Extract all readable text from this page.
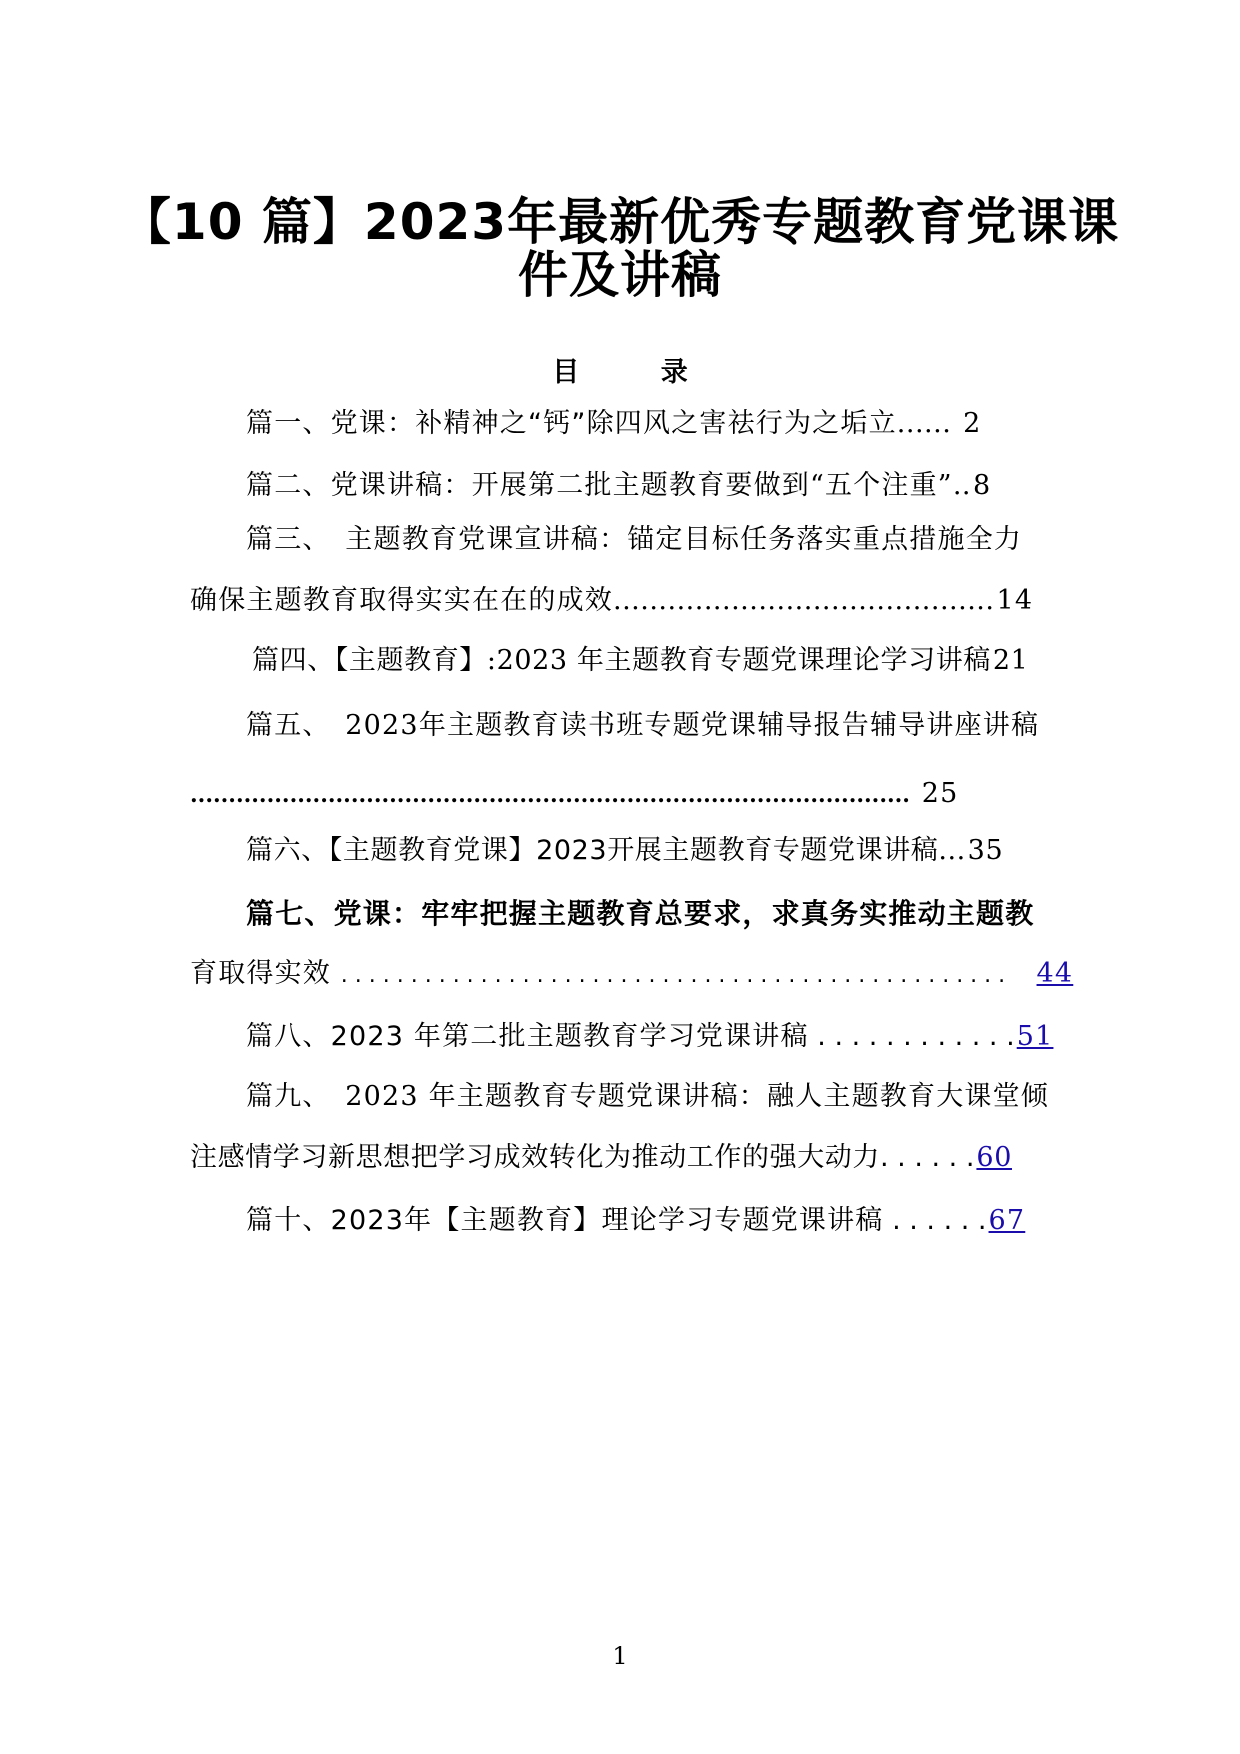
【10 篇】2023年最新优秀专题教育党课课
件及讲稿
目 录
篇一、党课：补精神之“钙”除四风之害祛行为之垢立...... 2
篇二、党课讲稿：开展第二批主题教育要做到“五个注重”..8
篇三、　主题教育党课宣讲稿：锚定目标任务落实重点措施全力
确保主题教育取得实实在在的成效..........................................14
篇四、【主题教育】:2023 年主题教育专题党课理论学习讲稿21
篇五、　2023年主题教育读书班专题党课辅导报告辅导讲座讲稿
.............................................................................................. 25
篇六、【主题教育党课】2023开展主题教育专题党课讲稿...35
篇七、党课：牢牢把握主题教育总要求，求真务实推动主题教
育取得实效 . . . . . . . . . . . . . . . . . . . . . . . . . . . . . . . . . . . . . . . . . . . . . . . . 44
篇八、2023 年第二批主题教育学习党课讲稿 . . . . . . . . . . . .51
篇九、　2023 年主题教育专题党课讲稿：融人主题教育大课堂倾
注感情学习新思想把学习成效转化为推动工作的强大动力. . . . . .60
篇十、2023年【主题教育】理论学习专题党课讲稿 . . . . . .67
1
